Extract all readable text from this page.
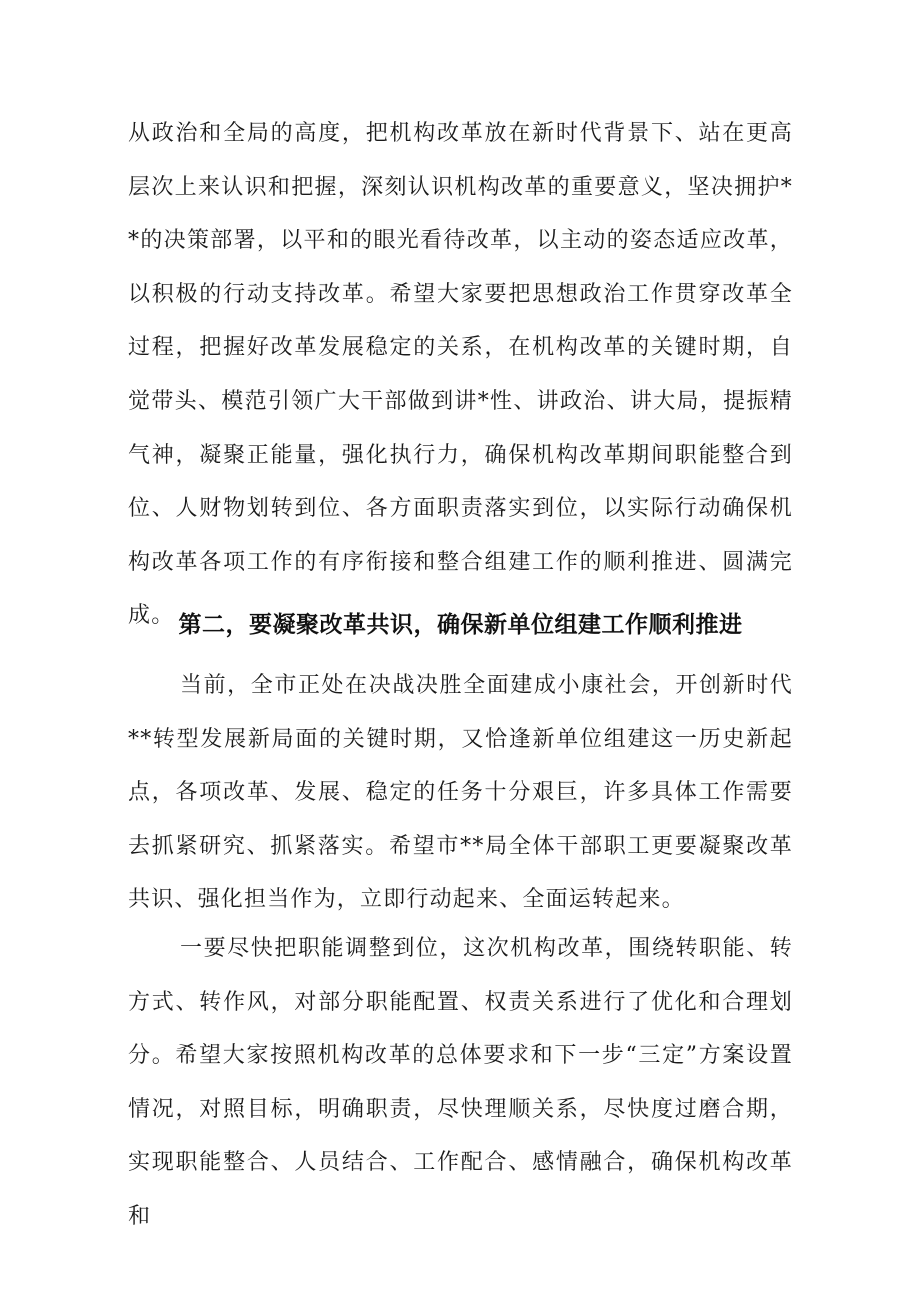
从政治和全局的高度，把机构改革放在新时代背景下、站在更高层次上来认识和把握，深刻认识机构改革的重要意义，坚决拥护**的决策部署，以平和的眼光看待改革，以主动的姿态适应改革，以积极的行动支持改革。希望大家要把思想政治工作贯穿改革全过程，把握好改革发展稳定的关系，在机构改革的关键时期，自觉带头、模范引领广大干部做到讲*性、讲政治、讲大局，提振精气神，凝聚正能量，强化执行力，确保机构改革期间职能整合到位、人财物划转到位、各方面职责落实到位，以实际行动确保机构改革各项工作的有序衔接和整合组建工作的顺利推进、圆满完成。 第二，要凝聚改革共识，确保新单位组建工作顺利推进

当前，全市正处在决战决胜全面建成小康社会，开创新时代**转型发展新局面的关键时期，又恰逢新单位组建这一历史新起点，各项改革、发展、稳定的任务十分艰巨，许多具体工作需要去抓紧研究、抓紧落实。希望市**局全体干部职工更要凝聚改革共识、强化担当作为，立即行动起来、全面运转起来。

一要尽快把职能调整到位，这次机构改革，围绕转职能、转方式、转作风，对部分职能配置、权责关系进行了优化和合理划分。希望大家按照机构改革的总体要求和下一步“三定”方案设置情况，对照目标，明确职责，尽快理顺关系，尽快度过磨合期，实现职能整合、人员结合、工作配合、感情融合，确保机构改革和
